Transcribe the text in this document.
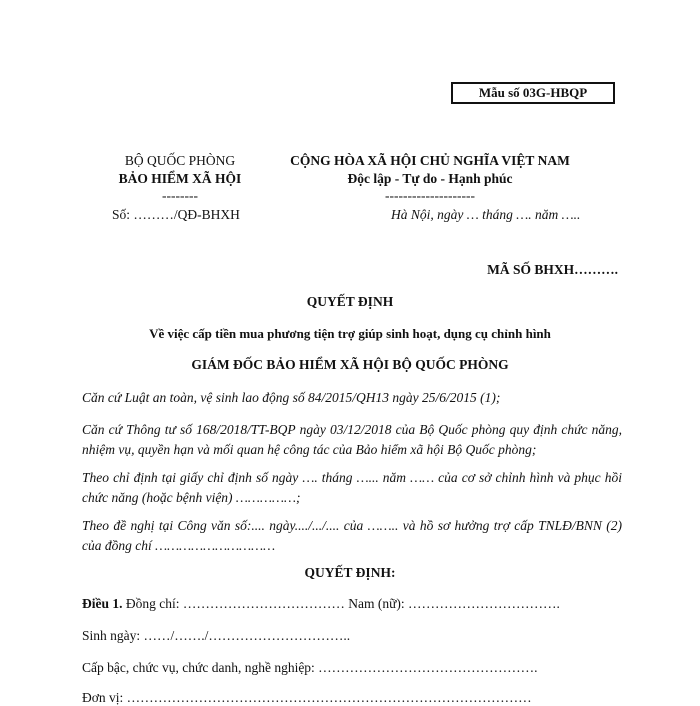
Mẫu số 03G-HBQP
BỘ QUỐC PHÒNG
BẢO HIỂM XÃ HỘI
--------
Số: ………/QĐ-BHXH
CỘNG HÒA XÃ HỘI CHỦ NGHĨA VIỆT NAM
Độc lập - Tự do - Hạnh phúc
--------------------
Hà Nội, ngày … tháng …. năm …..
MÃ SỐ BHXH……….
QUYẾT ĐỊNH
Về việc cấp tiền mua phương tiện trợ giúp sinh hoạt, dụng cụ chỉnh hình
GIÁM ĐỐC BẢO HIỂM XÃ HỘI BỘ QUỐC PHÒNG
Căn cứ Luật an toàn, vệ sinh lao động số 84/2015/QH13 ngày 25/6/2015 (1);
Căn cứ Thông tư số 168/2018/TT-BQP ngày 03/12/2018 của Bộ Quốc phòng quy định chức năng, nhiệm vụ, quyền hạn và mối quan hệ công tác của Bảo hiểm xã hội Bộ Quốc phòng;
Theo chỉ định tại giấy chỉ định số ngày …. tháng …... năm …… của cơ sở chỉnh hình và phục hồi chức năng (hoặc bệnh viện) ……………;
Theo đề nghị tại Công văn số:.... ngày..../.../.... của …….. và hồ sơ hưởng trợ cấp TNLĐ/BNN (2) của đồng chí …………………………
QUYẾT ĐỊNH:
Điều 1. Đồng chí: ……………………………… Nam (nữ): …………………………….
Sinh ngày: ……/……./…………………………..
Cấp bậc, chức vụ, chức danh, nghề nghiệp: ………………………………………….
Đơn vị: ………………………………………………………………………………
